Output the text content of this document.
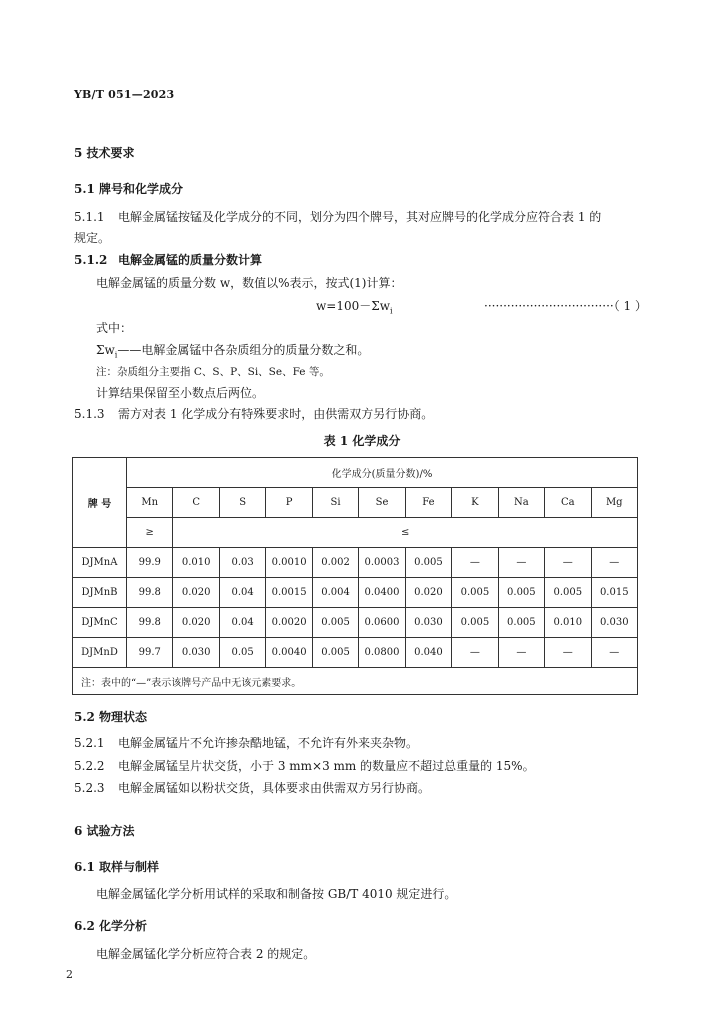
YB/T 051—2023
5 技术要求
5.1 牌号和化学成分
5.1.1 电解金属锰按锰及化学成分的不同，划分为四个牌号，其对应牌号的化学成分应符合表 1 的
规定。
5.1.2 电解金属锰的质量分数计算
电解金属锰的质量分数 w，数值以%表示，按式(1)计算：
$w=100-\Sigma w_i$	··································（ 1 ）
式中：
$\Sigma w_i——$电解金属锰中各杂质组分的质量分数之和。
注：杂质组分主要指 C、S、P、Si、Se、Fe 等。
计算结果保留至小数点后两位。
5.1.3 需方对表 1 化学成分有特殊要求时，由供需双方另行协商。
表 1 化学成分
牌 号	化学成分(质量分数)/%										
	Mn	C	S	P	Si	Se	Fe	K	Na	Ca	Mg
	≥	≤									
DJMnA	99.9	0.010	0.03	0.0010	0.002	0.0003	0.005	—	—	—	—
DJMnB	99.8	0.020	0.04	0.0015	0.004	0.0400	0.020	0.005	0.005	0.005	0.015
DJMnC	99.8	0.020	0.04	0.0020	0.005	0.0600	0.030	0.005	0.005	0.010	0.030
DJMnD	99.7	0.030	0.05	0.0040	0.005	0.0800	0.040	—	—	—	—
注：表中的“—”表示该牌号产品中无该元素要求。											
5.2 物理状态
5.2.1 电解金属锰片不允许掺杂酷地锰，不允许有外来夹杂物。
5.2.2 电解金属锰呈片状交货，小于 3 mm×3 mm 的数量应不超过总重量的 15%。
5.2.3 电解金属锰如以粉状交货，具体要求由供需双方另行协商。
6 试验方法
6.1 取样与制样
电解金属锰化学分析用试样的采取和制备按 GB/T 4010 规定进行。
6.2 化学分析
电解金属锰化学分析应符合表 2 的规定。
2
